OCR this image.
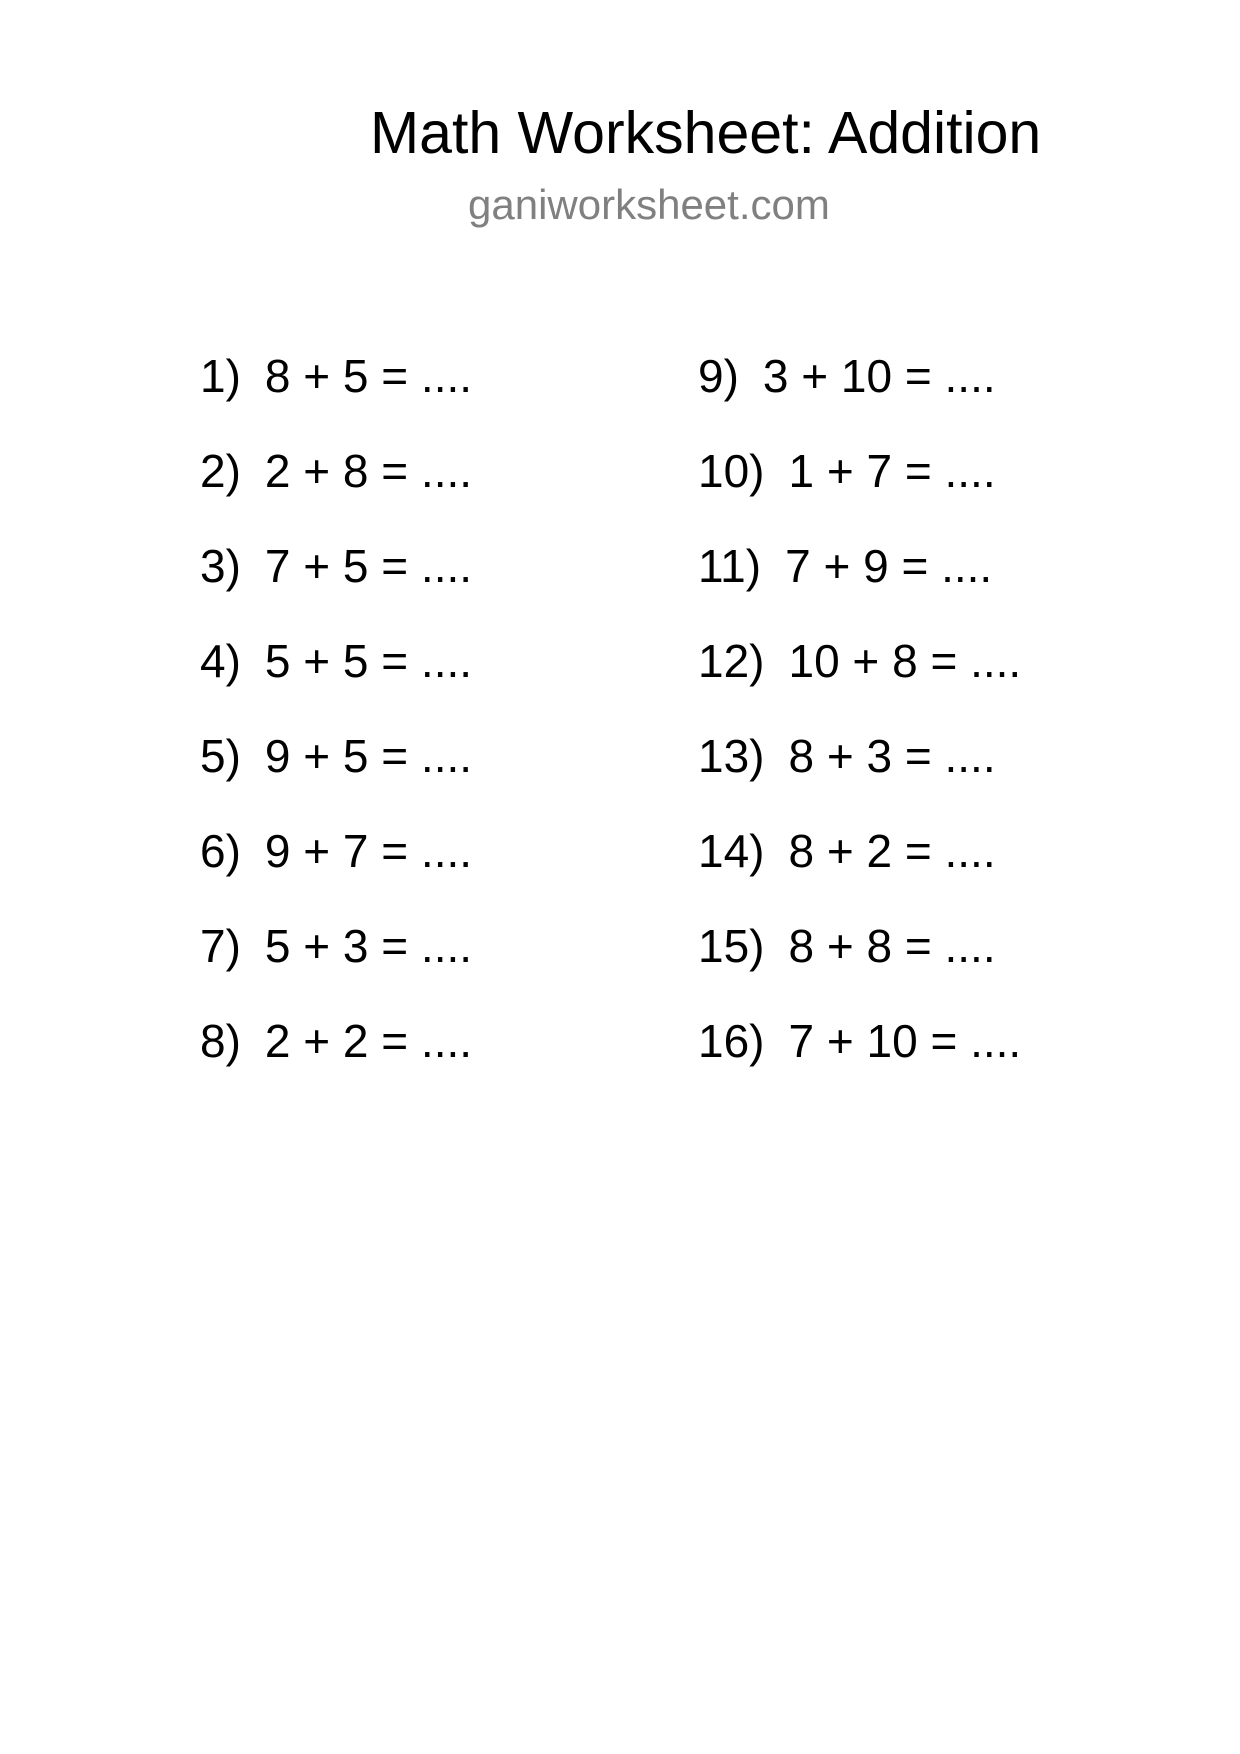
Math Worksheet: Addition
ganiworksheet.com
1) 8 + 5 = ....
2) 2 + 8 = ....
3) 7 + 5 = ....
4) 5 + 5 = ....
5) 9 + 5 = ....
6) 9 + 7 = ....
7) 5 + 3 = ....
8) 2 + 2 = ....
9) 3 + 10 = ....
10) 1 + 7 = ....
11) 7 + 9 = ....
12) 10 + 8 = ....
13) 8 + 3 = ....
14) 8 + 2 = ....
15) 8 + 8 = ....
16) 7 + 10 = ....
